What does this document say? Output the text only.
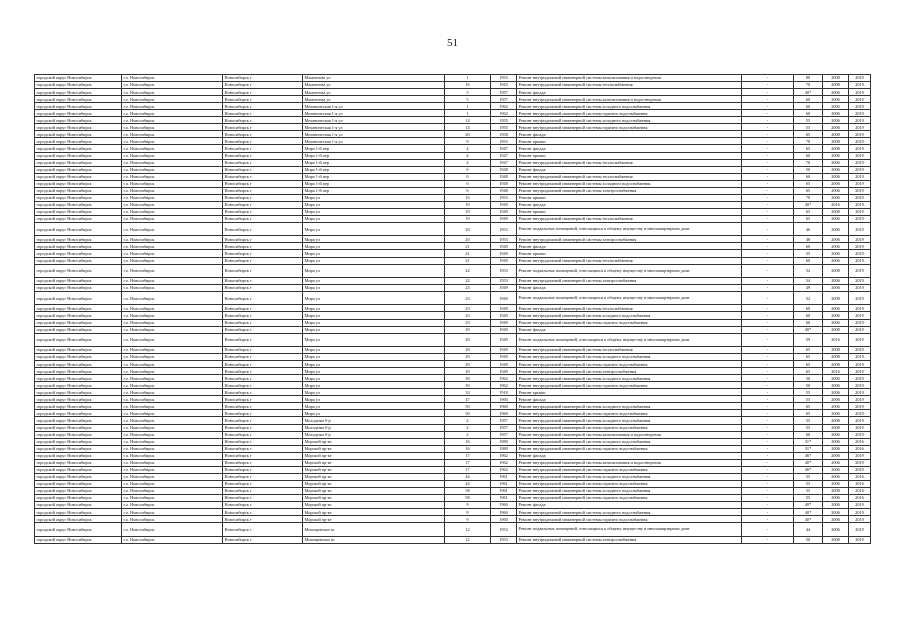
51
городской округ Новосибирск	г.о. Новосибирск	Новосибирск г	Мамонтова ул	1	1953	Ремонт внутридомовой инженерной системы канализования и водоотведения	-	80	2008	2019
городской округ Новосибирск	г.о. Новосибирск	Новосибирск г	Мамонтова ул	16	1943	Ремонт внутридомовой инженерной системы теплоснабжения	-	70	2008	2019
городской округ Новосибирск	г.о. Новосибирск	Новосибирск г	Мамонтова ул	5	1957	Ремонт фасада	-	40*	2006	2019
городской округ Новосибирск	г.о. Новосибирск	Новосибирск г	Мамонтова ул	5	1957	Ремонт внутридомовой инженерной системы канализования и водоотведения	-	60	2006	2019
городской округ Новосибирск	г.о. Новосибирск	Новосибирск г	Механическая 1-я ул	1	1962	Ремонт внутридомовой инженерной системы холодного водоснабжения	-	60	2006	2019
городской округ Новосибирск	г.о. Новосибирск	Новосибирск г	Механическая 1-я ул	1	1962	Ремонт внутридомовой инженерной системы горячего водоснабжения	-	60	2006	2019
городской округ Новосибирск	г.о. Новосибирск	Новосибирск г	Механическая 1-я ул	14	1955	Ремонт внутридомовой инженерной системы холодного водоснабжения	-	55	2006	2019
городской округ Новосибирск	г.о. Новосибирск	Новосибирск г	Механическая 1-я ул	14	1955	Ремонт внутридомовой инженерной системы горячего водоснабжения	-	55	2006	2019
городской округ Новосибирск	г.о. Новосибирск	Новосибирск г	Механическая 1-я ул	20	1958	Ремонт фасада	-	65	2008	2019
городской округ Новосибирск	г.о. Новосибирск	Новосибирск г	Механическая 1-я ул	9	1953	Ремонт крыши	-	70	2008	2019
городской округ Новосибирск	г.о. Новосибирск	Новосибирск г	Мира 1-й пер	4	1947	Ремонт фасада	-	65	2008	2019
городской округ Новосибирск	г.о. Новосибирск	Новосибирск г	Мира 1-й пер	4	1947	Ремонт крыши	-	60	2006	2019
городской округ Новосибирск	г.о. Новосибирск	Новосибирск г	Мира 1-й пер	4	1947	Ремонт внутридомовой инженерной системы теплоснабжения	-	70	2006	2019
городской округ Новосибирск	г.о. Новосибирск	Новосибирск г	Мира 1-й пер	6	1948	Ремонт фасада	-	50	2006	2019
городской округ Новосибирск	г.о. Новосибирск	Новосибирск г	Мира 1-й пер	6	1948	Ремонт внутридомовой инженерной системы теплоснабжения	-	60	2006	2019
городской округ Новосибирск	г.о. Новосибирск	Новосибирск г	Мира 1-й пер	6	1948	Ремонт внутридомовой инженерной системы холодного водоснабжения	-	65	2006	2019
городской округ Новосибирск	г.о. Новосибирск	Новосибирск г	Мира 1-й пер	6	1948	Ремонт внутридомовой инженерной системы электроснабжения	-	65	2006	2019
городской округ Новосибирск	г.о. Новосибирск	Новосибирск г	Мира ул	16	1953	Ремонт крыши	-	70	2006	2019
городской округ Новосибирск	г.о. Новосибирск	Новосибирск г	Мира ул	19	1949	Ремонт фасада	-	40*	2016	2019
городской округ Новосибирск	г.о. Новосибирск	Новосибирск г	Мира ул	19	1949	Ремонт крыши	-	65	2008	2019
городской округ Новосибирск	г.о. Новосибирск	Новосибирск г	Мира ул	19	1949	Ремонт внутридомовой инженерной системы теплоснабжения	-	65	2006	2019
городской округ Новосибирск	г.о. Новосибирск	Новосибирск г	Мира ул	20	1953	Ремонт подвальных помещений, относящихся к общему имуществу в многоквартирном доме	-	46	2006	2019
городской округ Новосибирск	г.о. Новосибирск	Новосибирск г	Мира ул	20	1953	Ремонт внутридомовой инженерной системы электроснабжения	-	48	2006	2019
городской округ Новосибирск	г.о. Новосибирск	Новосибирск г	Мира ул	21	1949	Ремонт фасада	-	60	2006	2019
городской округ Новосибирск	г.о. Новосибирск	Новосибирск г	Мира ул	21	1949	Ремонт крыши	-	55	2006	2019
городской округ Новосибирск	г.о. Новосибирск	Новосибирск г	Мира ул	21	1949	Ремонт внутридомовой инженерной системы теплоснабжения	-	60	2006	2019
городской округ Новосибирск	г.о. Новосибирск	Новосибирск г	Мира ул	22	1953	Ремонт подвальных помещений, относящихся к общему имуществу в многоквартирном доме	-	52	2008	2019
городской округ Новосибирск	г.о. Новосибирск	Новосибирск г	Мира ул	22	1953	Ремонт внутридомовой инженерной системы электроснабжения	-	54	2006	2019
городской округ Новосибирск	г.о. Новосибирск	Новосибирск г	Мира ул	23	1949	Ремонт фасада	-	49	2006	2019
городской округ Новосибирск	г.о. Новосибирск	Новосибирск г	Мира ул	23	1949	Ремонт подвальных помещений, относящихся к общему имуществу в многоквартирном доме	-	52	2008	2019
городской округ Новосибирск	г.о. Новосибирск	Новосибирск г	Мира ул	23	1949	Ремонт внутридомовой инженерной системы теплоснабжения	-	60	2006	2019
городской округ Новосибирск	г.о. Новосибирск	Новосибирск г	Мира ул	23	1949	Ремонт внутридомовой инженерной системы холодного водоснабжения	-	60	2006	2019
городской округ Новосибирск	г.о. Новосибирск	Новосибирск г	Мира ул	23	1949	Ремонт внутридомовой инженерной системы горячего водоснабжения	-	60	2006	2019
городской округ Новосибирск	г.о. Новосибирск	Новосибирск г	Мира ул	29	1949	Ремонт фасада	-	40*	2008	2019
городской округ Новосибирск	г.о. Новосибирск	Новосибирск г	Мира ул	29	1949	Ремонт подвальных помещений, относящихся к общему имуществу в многоквартирном доме	-	59	2016	2019
городской округ Новосибирск	г.о. Новосибирск	Новосибирск г	Мира ул	29	1949	Ремонт внутридомовой инженерной системы теплоснабжения	-	65	2008	2019
городской округ Новосибирск	г.о. Новосибирск	Новосибирск г	Мира ул	29	1949	Ремонт внутридомовой инженерной системы холодного водоснабжения	-	65	2008	2019
городской округ Новосибирск	г.о. Новосибирск	Новосибирск г	Мира ул	29	1949	Ремонт внутридомовой инженерной системы горячего водоснабжения	-	65	2008	2019
городской округ Новосибирск	г.о. Новосибирск	Новосибирск г	Мира ул	29	1949	Ремонт внутридомовой инженерной системы электроснабжения	-	65	2016	2019
городской округ Новосибирск	г.о. Новосибирск	Новосибирск г	Мира ул	30	1962	Ремонт внутридомовой инженерной системы холодного водоснабжения	-	50	2006	2019
городской округ Новосибирск	г.о. Новосибирск	Новосибирск г	Мира ул	30	1962	Ремонт внутридомовой инженерной системы горячего водоснабжения	-	50	2006	2019
городской округ Новосибирск	г.о. Новосибирск	Новосибирск г	Мира ул	33	1918	Ремонт крыши	-	55	2006	2019
городской округ Новосибирск	г.о. Новосибирск	Новосибирск г	Мира ул	47	1960	Ремонт фасада	-	55	2006	2019
городской округ Новосибирск	г.о. Новосибирск	Новосибирск г	Мира ул	50	1960	Ремонт внутридомовой инженерной системы холодного водоснабжения	-	65	2006	2019
городской округ Новосибирск	г.о. Новосибирск	Новосибирск г	Мира ул	50	1960	Ремонт внутридомовой инженерной системы горячего водоснабжения	-	65	2006	2019
городской округ Новосибирск	г.о. Новосибирск	Новосибирск г	Молодежи б-р	2	1957	Ремонт внутридомовой инженерной системы холодного водоснабжения	-	55	2008	2019
городской округ Новосибирск	г.о. Новосибирск	Новосибирск г	Молодежи б-р	2	1957	Ремонт внутридомовой инженерной системы горячего водоснабжения	-	55	2008	2019
городской округ Новосибирск	г.о. Новосибирск	Новосибирск г	Молодежи б-р	2	1957	Ремонт внутридомовой инженерной системы канализования и водоотведения	-	60	2006	2019
городской округ Новосибирск	г.о. Новосибирск	Новосибирск г	Морской пр-кт	16	1980	Ремонт внутридомовой инженерной системы холодного водоснабжения	-	31*	2006	2016
городской округ Новосибирск	г.о. Новосибирск	Новосибирск г	Морской пр-кт	16	1980	Ремонт внутридомовой инженерной системы горячего водоснабжения	-	31*	2006	2016
городской округ Новосибирск	г.о. Новосибирск	Новосибирск г	Морской пр-кт	17	1962	Ремонт фасада	-	46*	2006	2019
городской округ Новосибирск	г.о. Новосибирск	Новосибирск г	Морской пр-кт	17	1962	Ремонт внутридомовой инженерной системы канализования и водоотведения	-	40*	2006	2019
городской округ Новосибирск	г.о. Новосибирск	Новосибирск г	Морской пр-кт	17	1962	Ремонт внутридомовой инженерной системы горячего водоснабжения	-	46*	2006	2019
городской округ Новосибирск	г.о. Новосибирск	Новосибирск г	Морской пр-кт	44	1961	Ремонт внутридомовой инженерной системы холодного водоснабжения	-	55	2006	2016
городской округ Новосибирск	г.о. Новосибирск	Новосибирск г	Морской пр-кт	44	1961	Ремонт внутридомовой инженерной системы горячего водоснабжения	-	55	2006	2016
городской округ Новосибирск	г.о. Новосибирск	Новосибирск г	Морской пр-кт	58	1961	Ремонт внутридомовой инженерной системы холодного водоснабжения	-	55	2008	2016
городской округ Новосибирск	г.о. Новосибирск	Новосибирск г	Морской пр-кт	58	1961	Ремонт внутридомовой инженерной системы горячего водоснабжения	-	55	2006	2016
городской округ Новосибирск	г.о. Новосибирск	Новосибирск г	Морской пр-кт	9	1960	Ремонт фасада	-	40*	2006	2019
городской округ Новосибирск	г.о. Новосибирск	Новосибирск г	Морской пр-кт	9	1960	Ремонт внутридомовой инженерной системы холодного водоснабжения	-	40*	2006	2019
городской округ Новосибирск	г.о. Новосибирск	Новосибирск г	Морской пр-кт	9	1960	Ремонт внутридомовой инженерной системы горячего водоснабжения	-	40*	2006	2019
городской округ Новосибирск	г.о. Новосибирск	Новосибирск г	Мочищенское ш	12	1953	Ремонт подвальных помещений, относящихся к общему имуществу в многоквартирном доме	-	44	2006	2019
городской округ Новосибирск	г.о. Новосибирск	Новосибирск г	Мочищенское ш	12	1953	Ремонт внутридомовой инженерной системы электроснабжения	-	50	2008	2019
